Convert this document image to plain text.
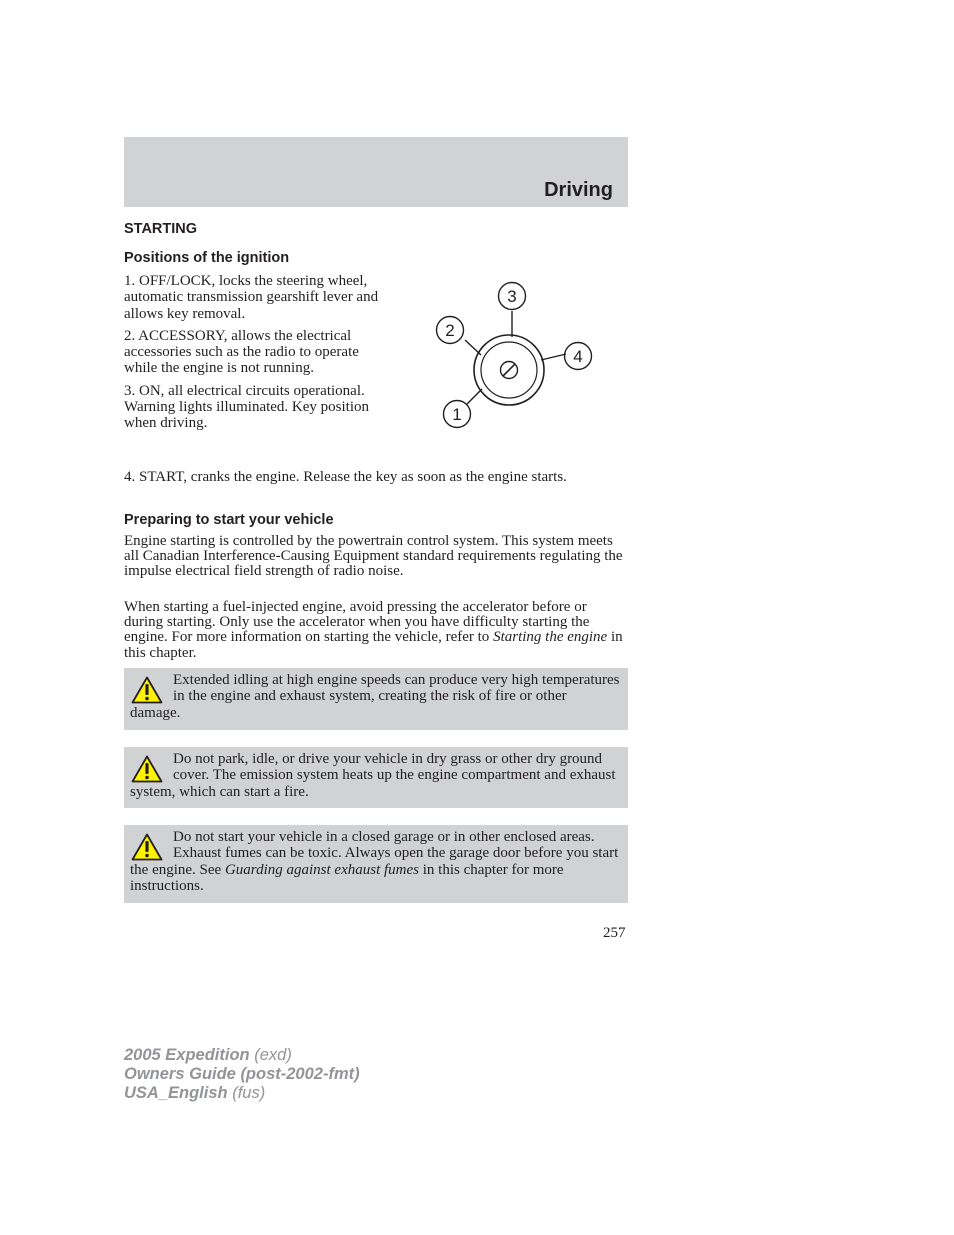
Driving
STARTING
Positions of the ignition
1. OFF/LOCK, locks the steering wheel, automatic transmission gearshift lever and allows key removal.
2. ACCESSORY, allows the electrical accessories such as the radio to operate while the engine is not running.
3. ON, all electrical circuits operational. Warning lights illuminated. Key position when driving.
3
2
4
1

4. START, cranks the engine. Release the key as soon as the engine starts.

Preparing to start your vehicle

Engine starting is controlled by the powertrain control system. This system meets all Canadian Interference-Causing Equipment standard requirements regulating the impulse electrical field strength of radio noise.

When starting a fuel-injected engine, avoid pressing the accelerator before or during starting. Only use the accelerator when you have difficulty starting the engine. For more information on starting the vehicle, refer to Starting the engine in this chapter.

Extended idling at high engine speeds can produce very high temperatures in the engine and exhaust system, creating the risk of fire or other damage.

Do not park, idle, or drive your vehicle in dry grass or other dry ground cover. The emission system heats up the engine compartment and exhaust system, which can start a fire.

Do not start your vehicle in a closed garage or in other enclosed areas. Exhaust fumes can be toxic. Always open the garage door before you start the engine. See Guarding against exhaust fumes in this chapter for more instructions.

257

2005 Expedition (exd)
Owners Guide (post-2002-fmt)
USA_English (fus)
